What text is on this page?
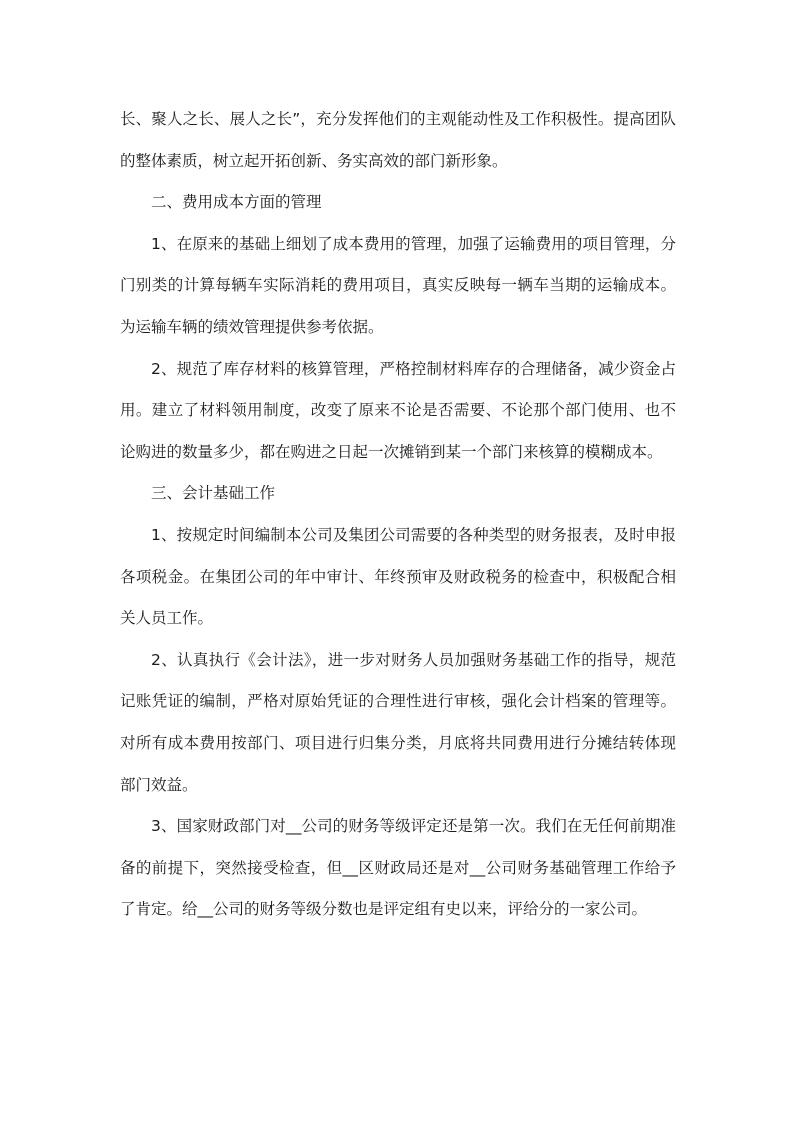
长、聚人之长、展人之长”，充分发挥他们的主观能动性及工作积极性。提高团队的整体素质，树立起开拓创新、务实高效的部门新形象。

二、费用成本方面的管理

1、在原来的基础上细划了成本费用的管理，加强了运输费用的项目管理，分门别类的计算每辆车实际消耗的费用项目，真实反映每一辆车当期的运输成本。为运输车辆的绩效管理提供参考依据。

2、规范了库存材料的核算管理，严格控制材料库存的合理储备，减少资金占用。建立了材料领用制度，改变了原来不论是否需要、不论那个部门使用、也不论购进的数量多少，都在购进之日起一次摊销到某一个部门来核算的模糊成本。

三、会计基础工作

1、按规定时间编制本公司及集团公司需要的各种类型的财务报表，及时申报各项税金。在集团公司的年中审计、年终预审及财政税务的检查中，积极配合相关人员工作。

2、认真执行《会计法》，进一步对财务人员加强财务基础工作的指导，规范记账凭证的编制，严格对原始凭证的合理性进行审核，强化会计档案的管理等。对所有成本费用按部门、项目进行归集分类，月底将共同费用进行分摊结转体现部门效益。

3、国家财政部门对__公司的财务等级评定还是第一次。我们在无任何前期准备的前提下，突然接受检查，但__区财政局还是对__公司财务基础管理工作给予了肯定。给__公司的财务等级分数也是评定组有史以来，评给分的一家公司。
